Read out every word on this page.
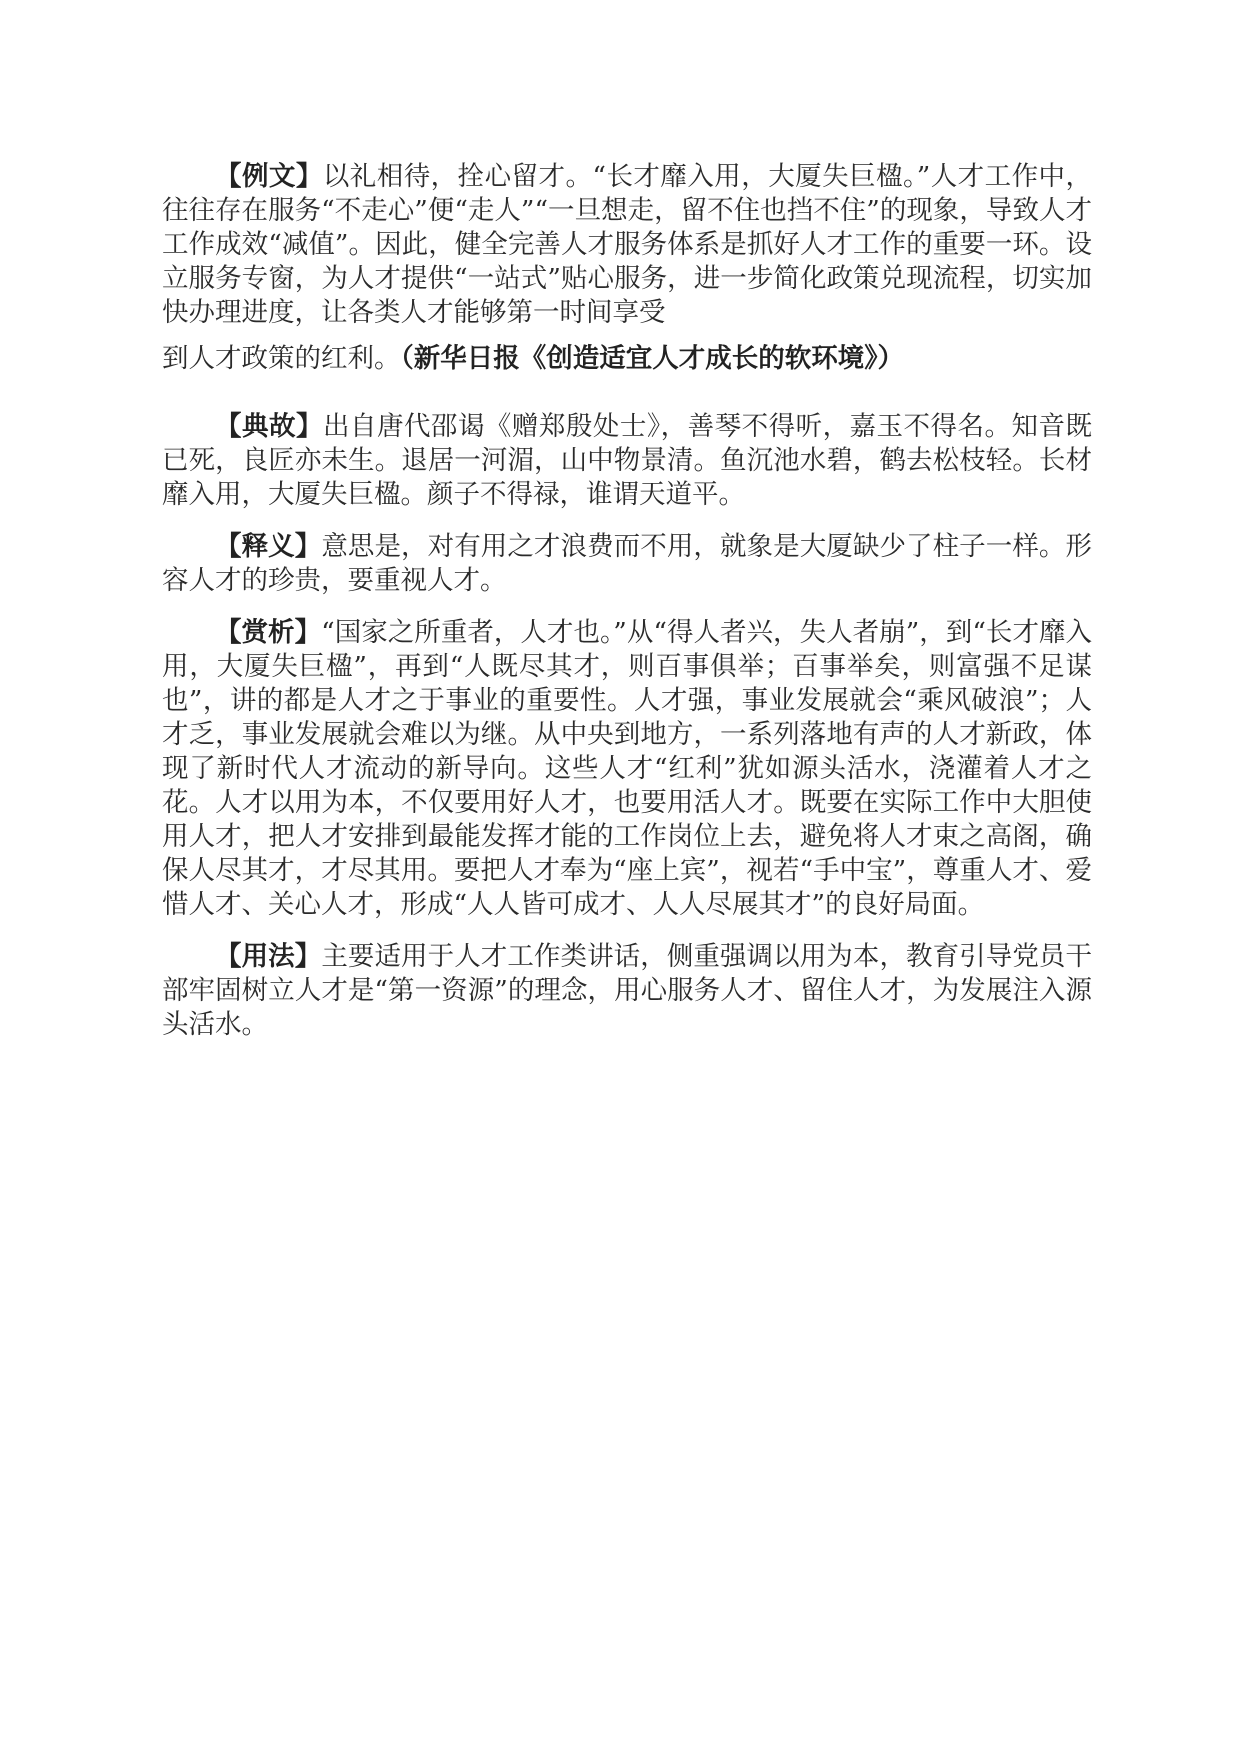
【例文】以礼相待，拴心留才。“长才靡入用，大厦失巨楹。”人才工作中，往往存在服务“不走心”便“走人”“一旦想走，留不住也挡不住”的现象，导致人才工作成效“减值”。因此，健全完善人才服务体系是抓好人才工作的重要一环。设立服务专窗，为人才提供“一站式”贴心服务，进一步简化政策兑现流程，切实加快办理进度，让各类人才能够第一时间享受
到人才政策的红利。（新华日报《创造适宜人才成长的软环境》）

【典故】出自唐代邵谒《赠郑殷处士》，善琴不得听，嘉玉不得名。知音既已死，良匠亦未生。退居一河湄，山中物景清。鱼沉池水碧，鹤去松枝轻。长材靡入用，大厦失巨楹。颜子不得禄，谁谓天道平。

【释义】意思是，对有用之才浪费而不用，就象是大厦缺少了柱子一样。形容人才的珍贵，要重视人才。

【赏析】“国家之所重者，人才也。”从“得人者兴，失人者崩”，到“长才靡入用，大厦失巨楹”，再到“人既尽其才，则百事俱举；百事举矣，则富强不足谋也”，讲的都是人才之于事业的重要性。人才强，事业发展就会“乘风破浪”；人才乏，事业发展就会难以为继。从中央到地方，一系列落地有声的人才新政，体现了新时代人才流动的新导向。这些人才“红利”犹如源头活水，浇灌着人才之花。人才以用为本，不仅要用好人才，也要用活人才。既要在实际工作中大胆使用人才，把人才安排到最能发挥才能的工作岗位上去，避免将人才束之高阁，确保人尽其才，才尽其用。要把人才奉为“座上宾”，视若“手中宝”，尊重人才、爱惜人才、关心人才，形成“人人皆可成才、人人尽展其才”的良好局面。

【用法】主要适用于人才工作类讲话，侧重强调以用为本，教育引导党员干部牢固树立人才是“第一资源”的理念，用心服务人才、留住人才，为发展注入源头活水。
